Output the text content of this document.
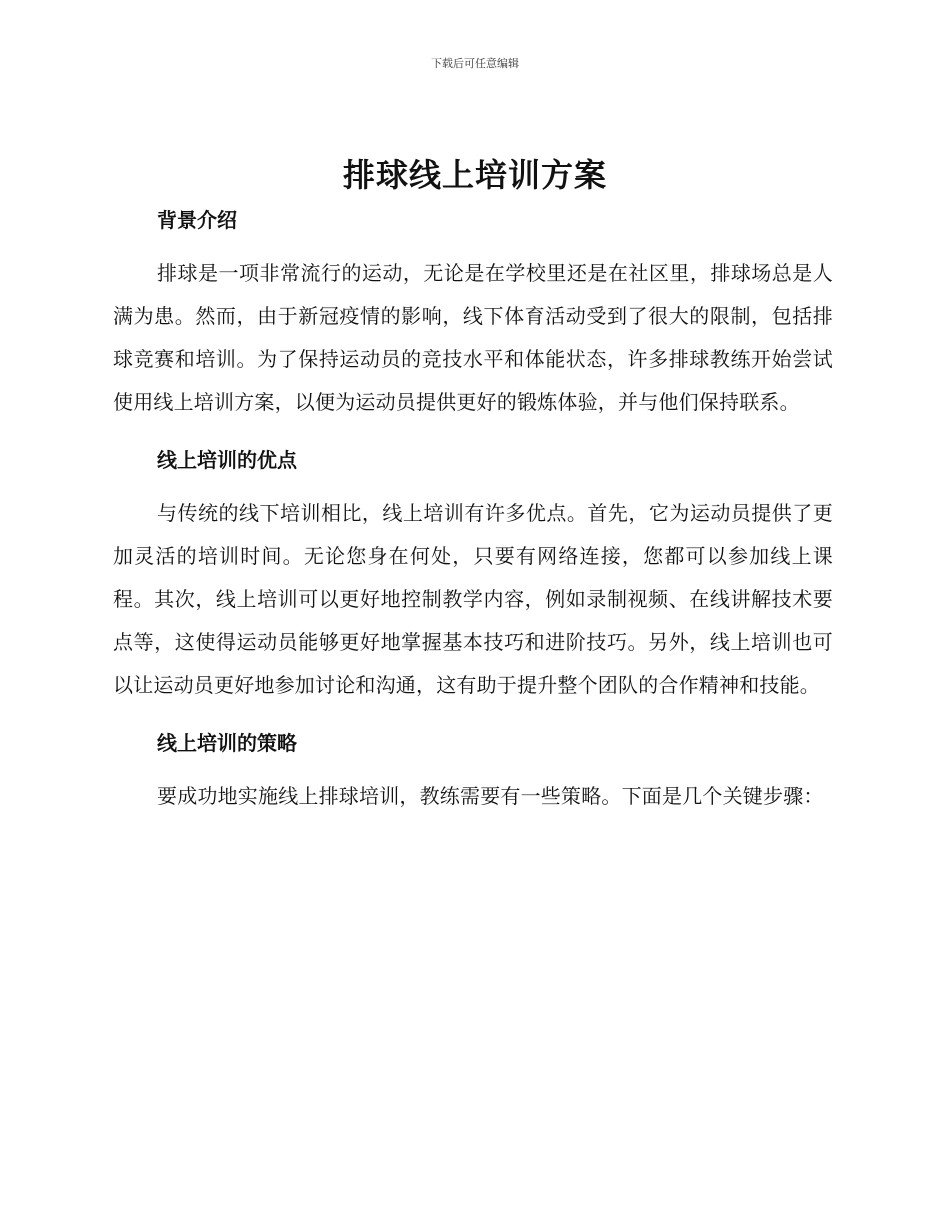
下载后可任意编辑
排球线上培训方案
背景介绍

排球是一项非常流行的运动，无论是在学校里还是在社区里，排球场总是人满为患。然而，由于新冠疫情的影响，线下体育活动受到了很大的限制，包括排球竞赛和培训。为了保持运动员的竞技水平和体能状态，许多排球教练开始尝试使用线上培训方案，以便为运动员提供更好的锻炼体验，并与他们保持联系。

线上培训的优点

与传统的线下培训相比，线上培训有许多优点。首先，它为运动员提供了更加灵活的培训时间。无论您身在何处，只要有网络连接，您都可以参加线上课程。其次，线上培训可以更好地控制教学内容，例如录制视频、在线讲解技术要点等，这使得运动员能够更好地掌握基本技巧和进阶技巧。另外，线上培训也可以让运动员更好地参加讨论和沟通，这有助于提升整个团队的合作精神和技能。

线上培训的策略

要成功地实施线上排球培训，教练需要有一些策略。下面是几个关键步骤：
